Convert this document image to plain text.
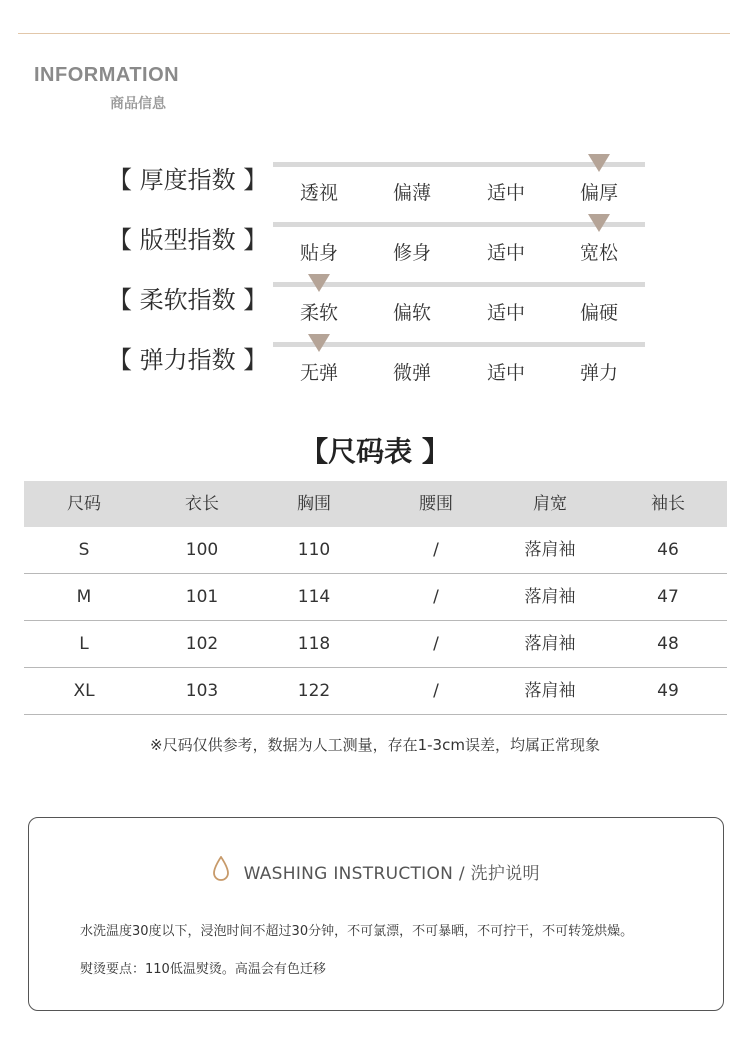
INFORMATION
商品信息
【 厚度指数 】	透视	偏薄	适中	偏厚
【 版型指数 】	贴身	修身	适中	宽松
【 柔软指数 】	柔软	偏软	适中	偏硬
【 弹力指数 】	无弹	微弹	适中	弹力
【尺码表 】
尺码	衣长	胸围	腰围	肩宽	袖长
S	100	110	/	落肩袖	46
M	101	114	/	落肩袖	47
L	102	118	/	落肩袖	48
XL	103	122	/	落肩袖	49
※尺码仅供参考，数据为人工测量，存在1-3cm误差，均属正常现象
WASHING INSTRUCTION / 洗护说明
水洗温度30度以下，浸泡时间不超过30分钟，不可氯漂，不可暴晒，不可拧干，不可转笼烘燥。
熨烫要点：110低温熨烫。高温会有色迁移
